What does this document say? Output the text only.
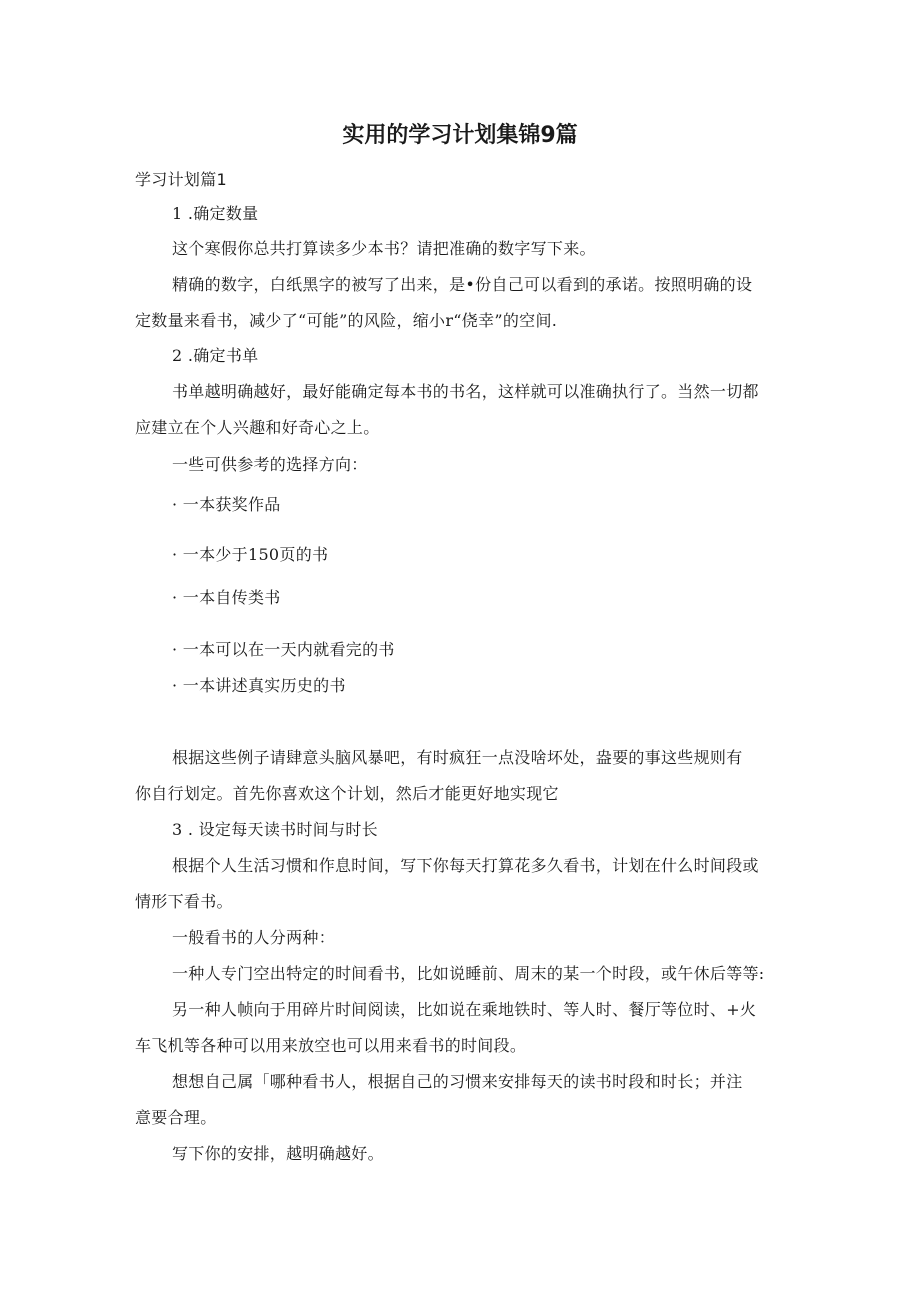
实用的学习计划集锦9篇
学习计划篇1
1 .确定数量
这个寒假你总共打算读多少本书？请把准确的数字写下来。
精确的数字，白纸黑字的被写了出来，是•份自己可以看到的承诺。按照明确的设
定数量来看书，减少了“可能”的风险，缩小r“侥幸”的空间.
2 .确定书单
书单越明确越好，最好能确定每本书的书名，这样就可以准确执行了。当然一切都
应建立在个人兴趣和好奇心之上。
一些可供参考的选择方向：
· 一本获奖作品
· 一本少于150页的书
· 一本自传类书
· 一本可以在一天内就看完的书
· 一本讲述真实历史的书
根据这些例子请肆意头脑风暴吧，有时疯狂一点没啥坏处，盎要的事这些规则有
你自行划定。首先你喜欢这个计划，然后才能更好地实现它
3 . 设定每天读书时间与时长
根据个人生活习惯和作息时间，写下你每天打算花多久看书，计划在什么时间段或
情形下看书。
一般看书的人分两种：
一种人专门空出特定的时间看书，比如说睡前、周末的某一个时段，或午休后等等:
另一种人帧向于用碎片时间阅读，比如说在乘地铁时、等人时、餐厅等位时、+火
车飞机等各种可以用来放空也可以用来看书的时间段。
想想自己属「哪种看书人，根据自己的习惯来安排每天的读书时段和时长；并注
意要合理。
写下你的安排，越明确越好。
